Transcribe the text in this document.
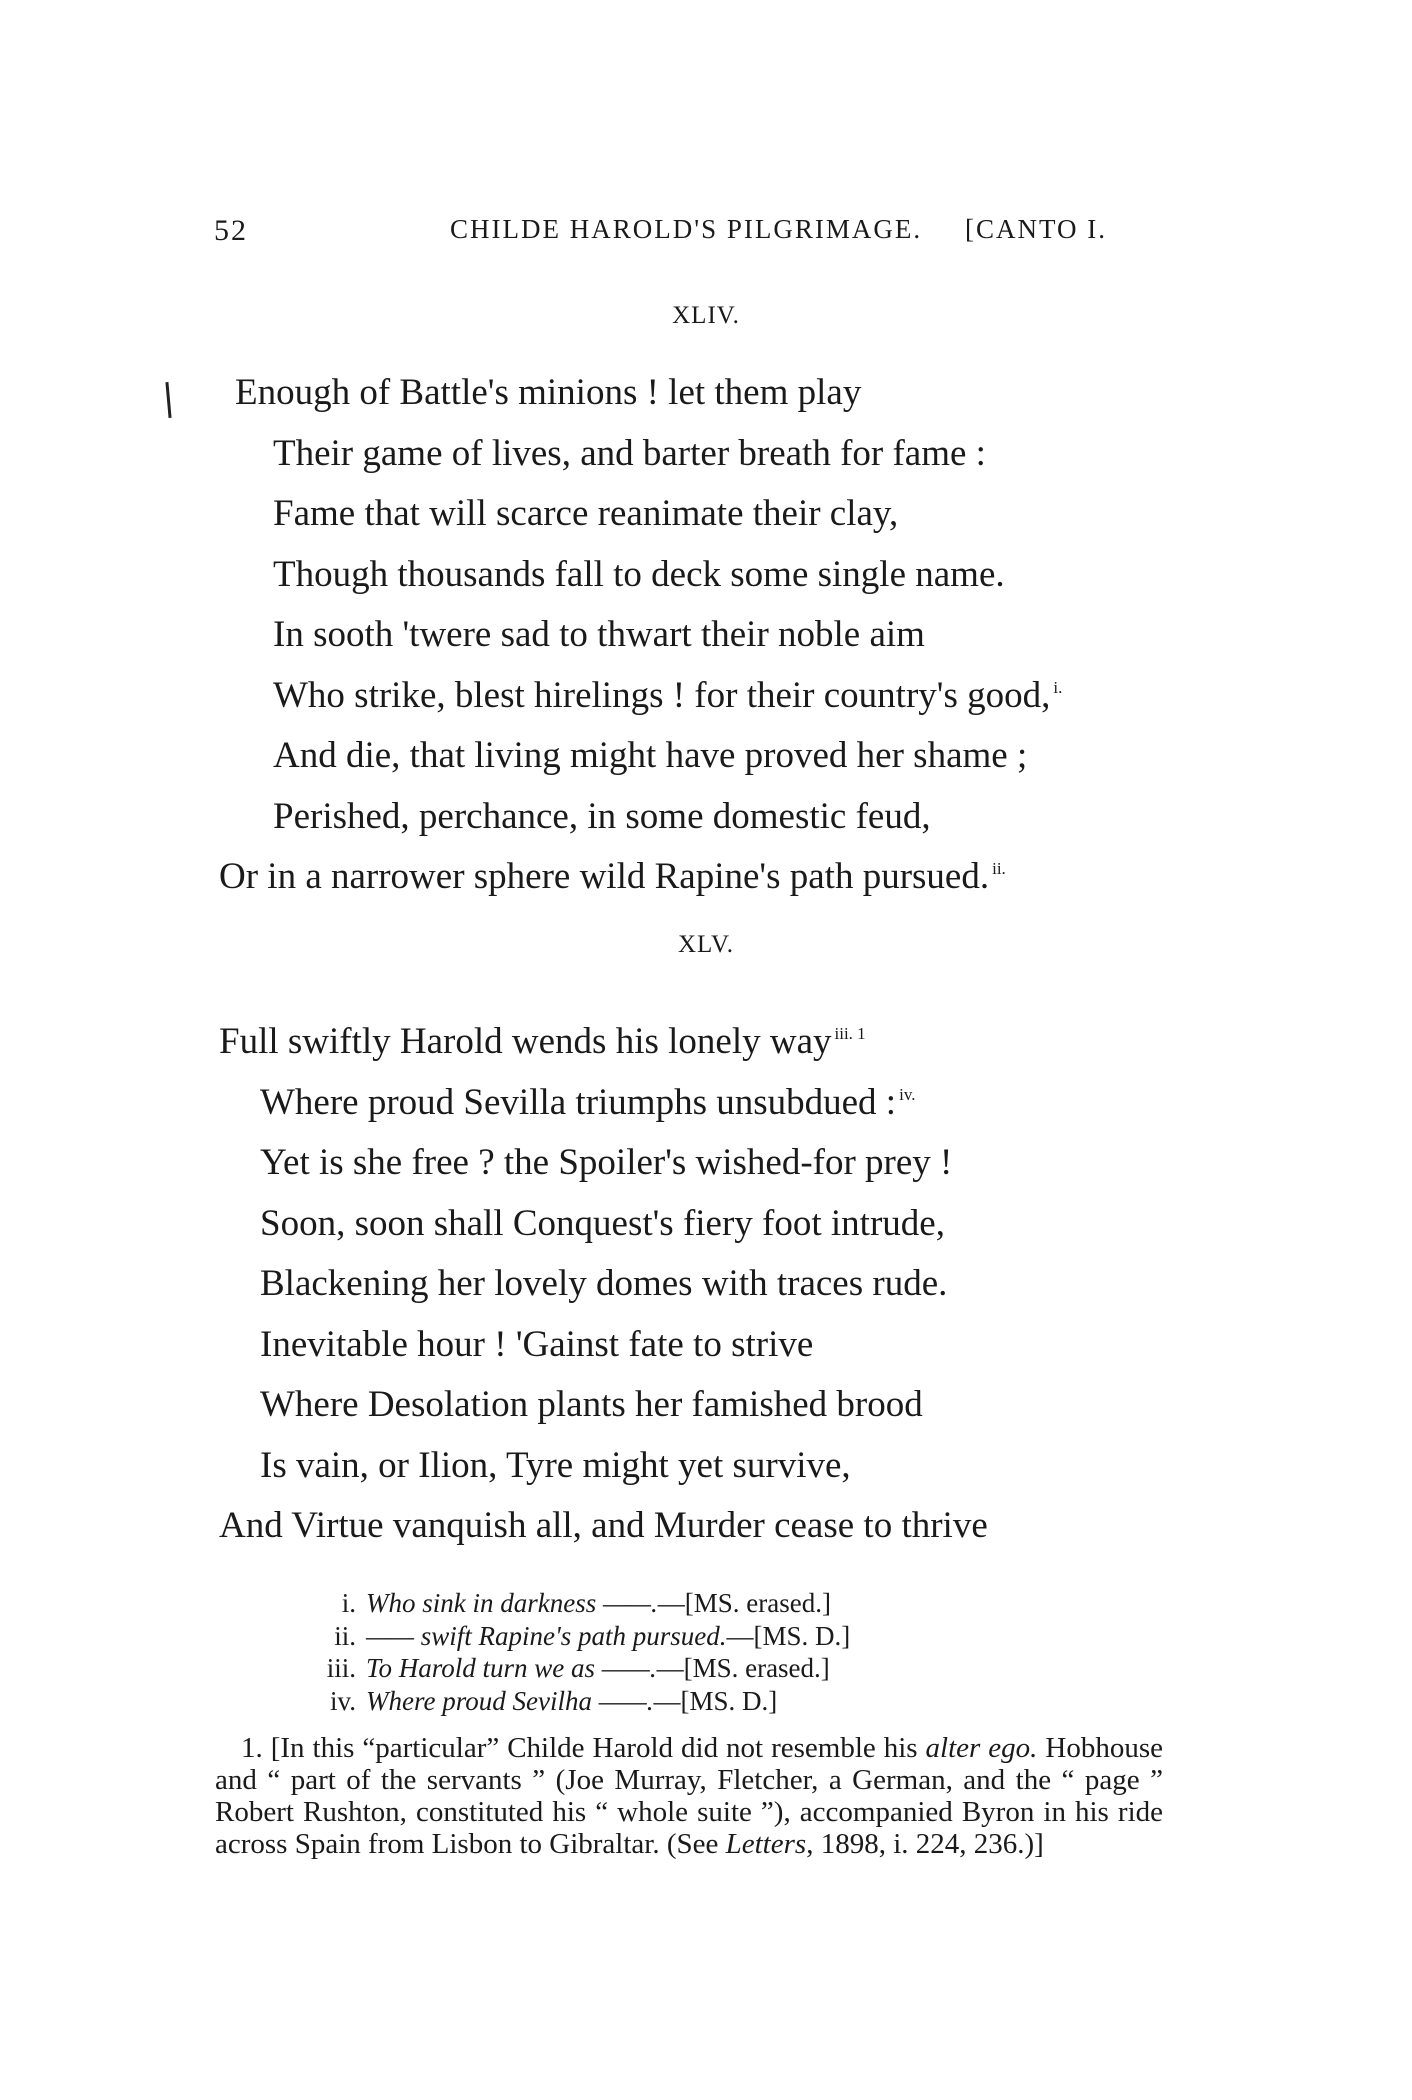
52	CHILDE HAROLD'S PILGRIMAGE. [CANTO I.
XLIV.
Enough of Battle's minions ! let them play
Their game of lives, and barter breath for fame :
Fame that will scarce reanimate their clay,
Though thousands fall to deck some single name.
In sooth 'twere sad to thwart their noble aim
Who strike, blest hirelings ! for their country's good, $^{i.}$
And die, that living might have proved her shame ;
Perished, perchance, in some domestic feud,
Or in a narrower sphere wild Rapine's path pursued. $^{ii.}$
XLV.
Full swiftly Harold wends his lonely way $^{iii. 1}$
Where proud Sevilla triumphs unsubdued : $^{iv.}$
Yet is she free ? the Spoiler's wished-for prey !
Soon, soon shall Conquest's fiery foot intrude,
Blackening her lovely domes with traces rude.
Inevitable hour ! 'Gainst fate to strive
Where Desolation plants her famished brood
Is vain, or Ilion, Tyre might yet survive,
And Virtue vanquish all, and Murder cease to thrive
i. Who sink in darkness ——.—[MS. erased.]
ii. —— swift Rapine's path pursued.—[MS. D.]
iii. To Harold turn we as ——.—[MS. erased.]
iv. Where proud Sevilha ——.—[MS. D.]

1. [In this “particular” Childe Harold did not resemble his alter ego. Hobhouse and “ part of the servants ” (Joe Murray, Fletcher, a German, and the “ page ” Robert Rushton, constituted his “ whole suite ”), accompanied Byron in his ride across Spain from Lisbon to Gibraltar. (See Letters, 1898, i. 224, 236.)]
